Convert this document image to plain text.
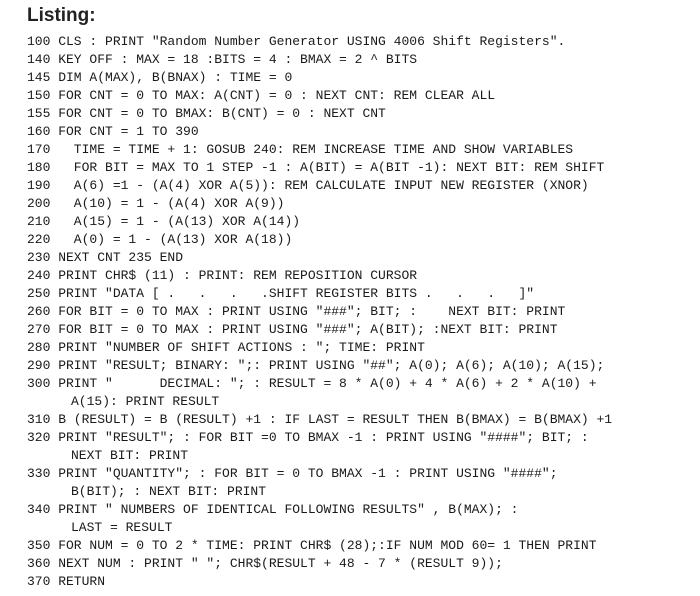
Listing:
100 CLS : PRINT "Random Number Generator USING 4006 Shift Registers".
140 KEY OFF : MAX = 18 :BITS = 4 : BMAX = 2 ^ BITS
145 DIM A(MAX), B(BNAX) : TIME = 0
150 FOR CNT = 0 TO MAX: A(CNT) = 0 : NEXT CNT: REM CLEAR ALL
155 FOR CNT = 0 TO BMAX: B(CNT) = 0 : NEXT CNT
160 FOR CNT = 1 TO 390
170   TIME = TIME + 1: GOSUB 240: REM INCREASE TIME AND SHOW VARIABLES
180   FOR BIT = MAX TO 1 STEP -1 : A(BIT) = A(BIT -1): NEXT BIT: REM SHIFT
190   A(6) =1 - (A(4) XOR A(5)): REM CALCULATE INPUT NEW REGISTER (XNOR)
200   A(10) = 1 - (A(4) XOR A(9))
210   A(15) = 1 - (A(13) XOR A(14))
220   A(0) = 1 - (A(13) XOR A(18))
230 NEXT CNT 235 END
240 PRINT CHR$ (11) : PRINT: REM REPOSITION CURSOR
250 PRINT "DATA [ .   .   .   .SHIFT REGISTER BITS .   .   .   ]"
260 FOR BIT = 0 TO MAX : PRINT USING "###"; BIT; :    NEXT BIT: PRINT
270 FOR BIT = 0 TO MAX : PRINT USING "###"; A(BIT); :NEXT BIT: PRINT
280 PRINT "NUMBER OF SHIFT ACTIONS : "; TIME: PRINT
290 PRINT "RESULT; BINARY: ";: PRINT USING "##"; A(0); A(6); A(10); A(15);
300 PRINT "      DECIMAL: "; : RESULT = 8 * A(0) + 4 * A(6) + 2 * A(10) +
A(15): PRINT RESULT
310 B (RESULT) = B (RESULT) +1 : IF LAST = RESULT THEN B(BMAX) = B(BMAX) +1
320 PRINT "RESULT"; : FOR BIT =0 TO BMAX -1 : PRINT USING "####"; BIT; :
NEXT BIT: PRINT
330 PRINT "QUANTITY"; : FOR BIT = 0 TO BMAX -1 : PRINT USING "####";
B(BIT); : NEXT BIT: PRINT
340 PRINT " NUMBERS OF IDENTICAL FOLLOWING RESULTS" , B(MAX); :
LAST = RESULT
350 FOR NUM = 0 TO 2 * TIME: PRINT CHR$ (28);:IF NUM MOD 60= 1 THEN PRINT
360 NEXT NUM : PRINT " "; CHR$(RESULT + 48 - 7 * (RESULT 9));
370 RETURN
